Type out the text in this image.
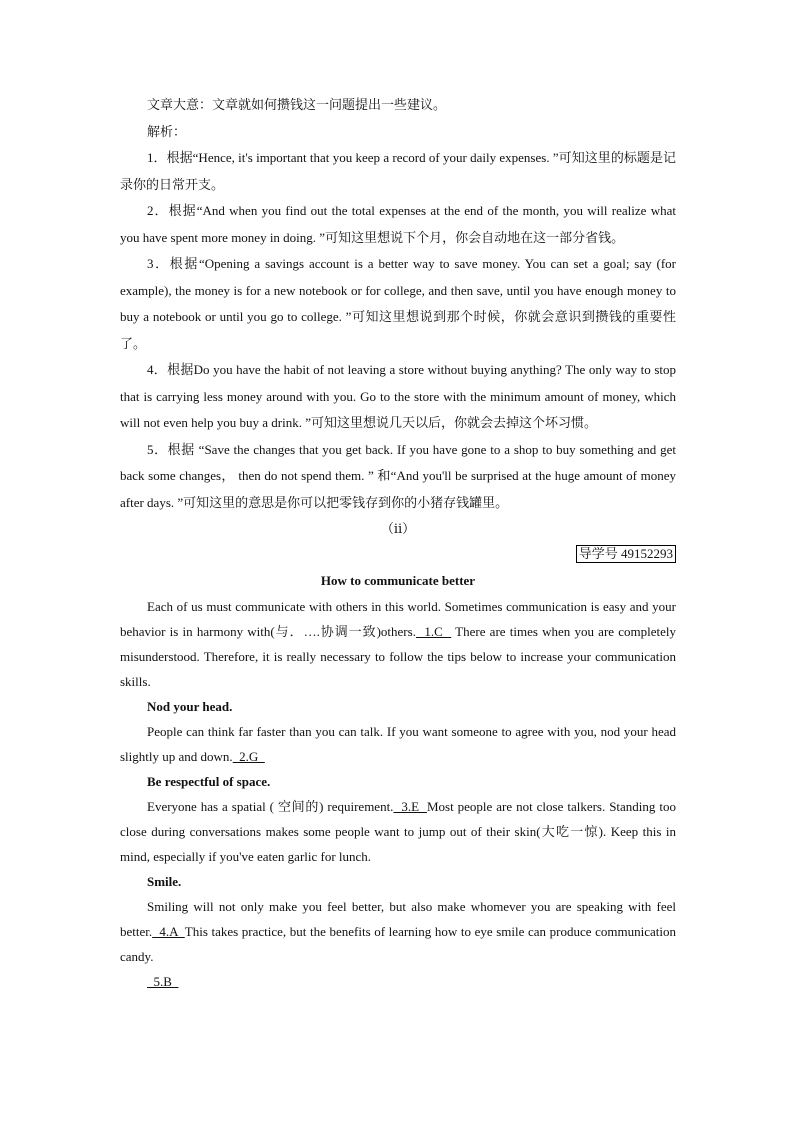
文章大意：文章就如何攒钱这一问题提出一些建议。

解析：

1．根据“Hence, it's important that you keep a record of your daily expenses. ”可知这里的标题是记录你的日常开支。

2．根据“And when you find out the total expenses at the end of the month, you will realize what you have spent more money in doing. ”可知这里想说下个月，你会自动地在这一部分省钱。

3．根据“Opening a savings account is a better way to save money. You can set a goal; say (for example), the money is for a new notebook or for college, and then save, until you have enough money to buy a notebook or until you go to college. ”可知这里想说到那个时候，你就会意识到攒钱的重要性了。

4．根据Do you have the habit of not leaving a store without buying anything? The only way to stop that is carrying less money around with you. Go to the store with the minimum amount of money, which will not even help you buy a drink. ”可知这里想说几天以后，你就会去掉这个坏习惯。

5．根据 “Save the changes that you get back. If you have gone to a shop to buy something and get back some changes， then do not spend them. ” 和“And you'll be surprised at the huge amount of money after days. ”可知这里的意思是你可以把零钱存到你的小猪存钱罐里。

（ⅱ）
导学号 49152293
How to communicate better

Each of us must communicate with others in this world. Sometimes communication is easy and your behavior is in harmony with(与．….协调一致)others.  1.C   There are times when you are completely misunderstood. Therefore, it is really necessary to follow the tips below to increase your communication skills.

Nod your head.

People can think far faster than you can talk. If you want someone to agree with you, nod your head slightly up and down.  2.G

Be respectful of space.

Everyone has a spatial ( 空间的) requirement.  3.E  Most people are not close talkers. Standing too close during conversations makes some people want to jump out of their skin(大吃一惊). Keep this in mind, especially if you've eaten garlic for lunch.

Smile.

Smiling will not only make you feel better, but also make whomever you are speaking with feel better.  4.A  This takes practice, but the benefits of learning how to eye smile can produce communication candy.

5.B
